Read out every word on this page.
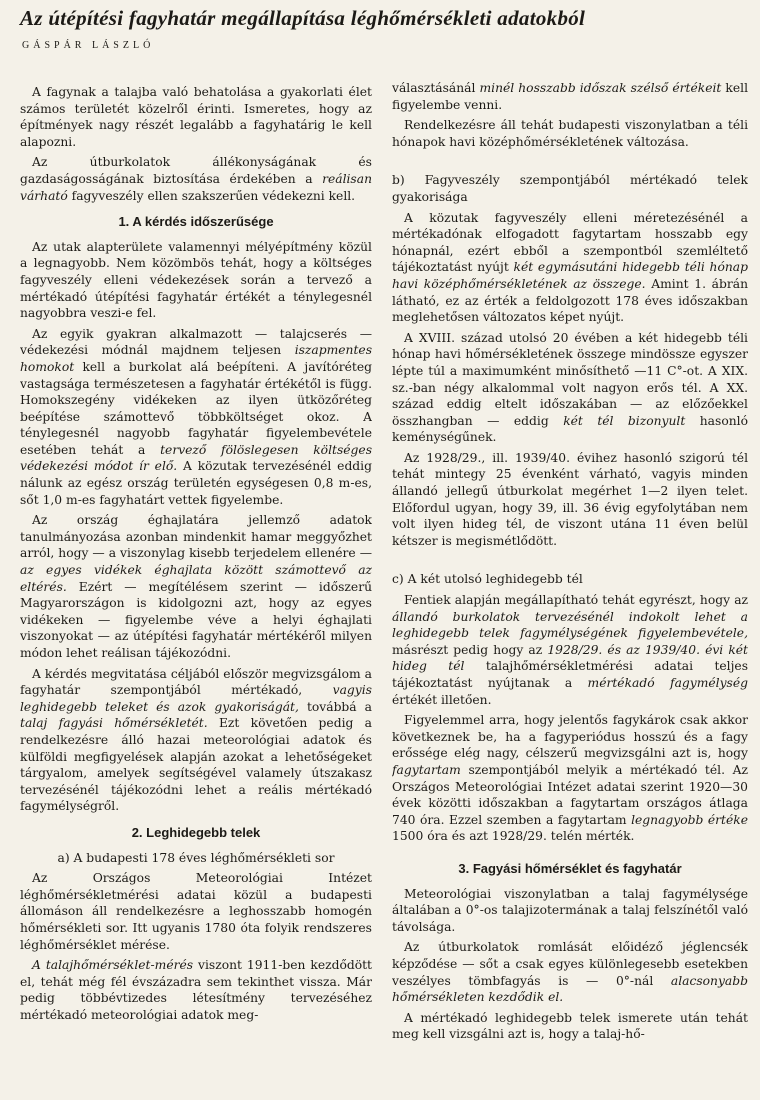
Az útépítési fagyhatár megállapítása léghőmérsékleti adatokból
GÁSPÁR LÁSZLÓ

A fagynak a talajba való behatolása a gyakorlati élet számos területét közelről érinti. Ismeretes, hogy az építmények nagy részét legalább a fagyhatárig le kell alapozni.

Az útburkolatok állékonyságának és gazdaságosságának biztosítása érdekében a reálisan várható fagyveszély ellen szakszerűen védekezni kell.

1. A kérdés időszerűsége

Az utak alapterülete valamennyi mélyépítmény közül a legnagyobb. Nem közömbös tehát, hogy a költséges fagyveszély elleni védekezések során a tervező a mértékadó útépítési fagyhatár értékét a ténylegesnél nagyobbra veszi-e fel.

Az egyik gyakran alkalmazott — talajcserés — védekezési módnál majdnem teljesen iszapmentes homokot kell a burkolat alá beépíteni. A javítóréteg vastagsága természetesen a fagyhatár értékétől is függ. Homokszegény vidékeken az ilyen ütközőréteg beépítése számottevő többköltséget okoz. A ténylegesnél nagyobb fagyhatár figyelembevétele esetében tehát a tervező fölöslegesen költséges védekezési módot ír elő. A közutak tervezésénél eddig nálunk az egész ország területén egységesen 0,8 m-es, sőt 1,0 m-es fagyhatárt vettek figyelembe.

Az ország éghajlatára jellemző adatok tanulmányozása azonban mindenkit hamar meggyőzhet arról, hogy — a viszonylag kisebb terjedelem ellenére — az egyes vidékek éghajlata között számottevő az eltérés. Ezért — megítélésem szerint — időszerű Magyarországon is kidolgozni azt, hogy az egyes vidékeken — figyelembe véve a helyi éghajlati viszonyokat — az útépítési fagyhatár mértékéről milyen módon lehet reálisan tájékozódni.

A kérdés megvitatása céljából először megvizsgálom a fagyhatár szempontjából mértékadó, vagyis leghidegebb teleket és azok gyakoriságát, továbbá a talaj fagyási hőmérsékletét. Ezt követően pedig a rendelkezésre álló hazai meteorológiai adatok és külföldi megfigyelések alapján azokat a lehetőségeket tárgyalom, amelyek segítségével valamely útszakasz tervezésénél tájékozódni lehet a reális mértékadó fagymélységről.

2. Leghidegebb telek

a) A budapesti 178 éves léghőmérsékleti sor

Az Országos Meteorológiai Intézet léghőmérsékletmérési adatai közül a budapesti állomáson áll rendelkezésre a leghosszabb homogén hőmérsékleti sor. Itt ugyanis 1780 óta folyik rendszeres léghőmérséklet mérése.

A talajhőmérséklet-mérés viszont 1911-ben kezdődött el, tehát még fél évszázadra sem tekinthet vissza. Már pedig többévtizedes létesítmény tervezéséhez mértékadó meteorológiai adatok meg-

választásánál minél hosszabb időszak szélső értékeit kell figyelembe venni.

Rendelkezésre áll tehát budapesti viszonylatban a téli hónapok havi középhőmérsékletének változása.

b) Fagyveszély szempontjából mértékadó telek gyakorisága

A közutak fagyveszély elleni méretezésénél a mértékadónak elfogadott fagytartam hosszabb egy hónapnál, ezért ebből a szempontból szemléltető tájékoztatást nyújt két egymásutáni hidegebb téli hónap havi középhőmérsékletének az összege. Amint 1. ábrán látható, ez az érték a feldolgozott 178 éves időszakban meglehetősen változatos képet nyújt.

A XVIII. század utolsó 20 évében a két hidegebb téli hónap havi hőmérsékletének összege mindössze egyszer lépte túl a maximumként minősíthető —11 C°-ot. A XIX. sz.-ban négy alkalommal volt nagyon erős tél. A XX. század eddig eltelt időszakában — az előzőekkel összhangban — eddig két tél bizonyult hasonló keménységűnek.

Az 1928/29., ill. 1939/40. évihez hasonló szigorú tél tehát mintegy 25 évenként várható, vagyis minden állandó jellegű útburkolat megérhet 1—2 ilyen telet. Előfordul ugyan, hogy 39, ill. 36 évig egyfolytában nem volt ilyen hideg tél, de viszont utána 11 éven belül kétszer is megismétlődött.

c) A két utolsó leghidegebb tél

Fentiek alapján megállapítható tehát egyrészt, hogy az állandó burkolatok tervezésénél indokolt lehet a leghidegebb telek fagymélységének figyelembevétele, másrészt pedig hogy az 1928/29. és az 1939/40. évi két hideg tél talajhőmérsékletmérési adatai teljes tájékoztatást nyújtanak a mértékadó fagymélység értékét illetően.

Figyelemmel arra, hogy jelentős fagykárok csak akkor következnek be, ha a fagyperiódus hosszú és a fagy erőssége elég nagy, célszerű megvizsgálni azt is, hogy fagytartam szempontjából melyik a mértékadó tél. Az Országos Meteorológiai Intézet adatai szerint 1920—30 évek közötti időszakban a fagytartam országos átlaga 740 óra. Ezzel szemben a fagytartam legnagyobb értéke 1500 óra és azt 1928/29. telén mérték.

3. Fagyási hőmérséklet és fagyhatár

Meteorológiai viszonylatban a talaj fagymélysége általában a 0°-os talajizotermának a talaj felszínétől való távolsága.

Az útburkolatok romlását előidéző jéglencsék képződése — sőt a csak egyes különlegesebb esetekben veszélyes tömbfagyás is — 0°-nál alacsonyabb hőmérsékleten kezdődik el.

A mértékadó leghidegebb telek ismerete után tehát meg kell vizsgálni azt is, hogy a talaj-hő-
